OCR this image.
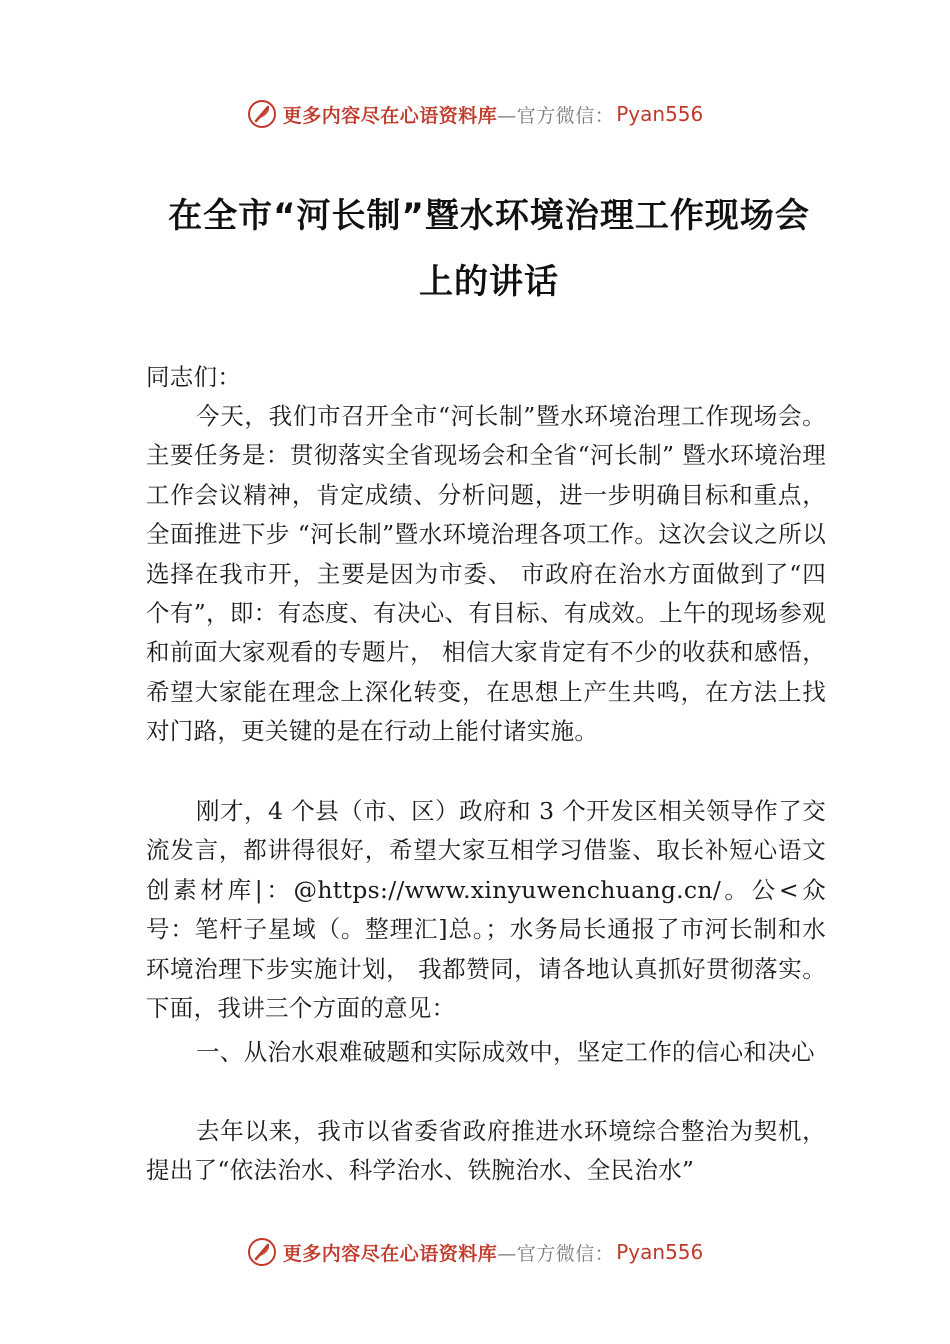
更多内容尽在心语资料库 —官方微信： Pyan556
在全市“河长制”暨水环境治理工作现场会
上的讲话

同志们：

今天，我们市召开全市“河长制”暨水环境治理工作现场会。主要任务是：贯彻落实全省现场会和全省“河长制” 暨水环境治理工作会议精神，肯定成绩、分析问题，进一步明确目标和重点，全面推进下步 “河长制”暨水环境治理各项工作。这次会议之所以选择在我市开，主要是因为市委、 市政府在治水方面做到了“四个有”，即：有态度、有决心、有目标、有成效。上午的现场参观和前面大家观看的专题片， 相信大家肯定有不少的收获和感悟，希望大家能在理念上深化转变，在思想上产生共鸣，在方法上找对门路，更关键的是在行动上能付诸实施。

刚才，4 个县（市、区）政府和 3 个开发区相关领导作了交流发言，都讲得很好，希望大家互相学习借鉴、取长补短心语文创素材库|：@https://www.xinyuwenchuang.cn/。公<众号：笔杆子星域（。整理汇]总。；水务局长通报了市河长制和水环境治理下步实施计划， 我都赞同，请各地认真抓好贯彻落实。下面，我讲三个方面的意见：

一、从治水艰难破题和实际成效中，坚定工作的信心和决心

去年以来，我市以省委省政府推进水环境综合整治为契机，提出了“依法治水、科学治水、铁腕治水、全民治水”

更多内容尽在心语资料库 —官方微信： Pyan556
